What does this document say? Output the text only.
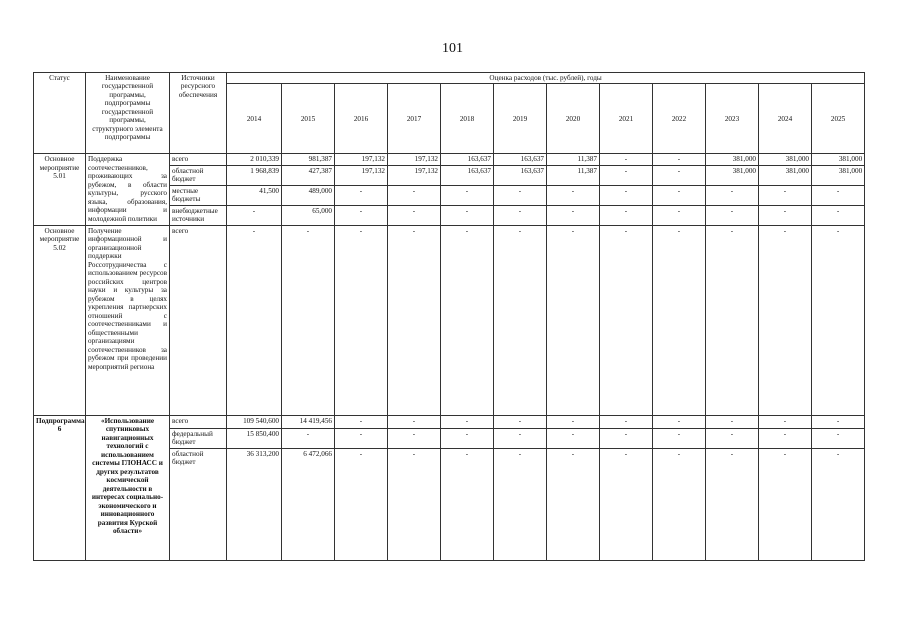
101
Статус	Наименование государственной программы, подпрограммы государственной программы, структурного элемента подпрограммы	Источники ресурсного обеспечения	Оценка расходов (тыс. рублей), годы											
			2014	2015	2016	2017	2018	2019	2020	2021	2022	2023	2024	2025
Основное мероприятие 5.01	Поддержка соотечественников, проживающих за рубежом, в области культуры, русского языка, образования, информации и молодежной политики	всего	2 010,339	981,387	197,132	197,132	163,637	163,637	11,387	-	-	381,000	381,000	381,000
		областной бюджет	1 968,839	427,387	197,132	197,132	163,637	163,637	11,387	-	-	381,000	381,000	381,000
		местные бюджеты	41,500	489,000	-	-	-	-	-	-	-	-	-	-
		внебюджетные источники	-	65,000	-	-	-	-	-	-	-	-	-	-
Основное мероприятие 5.02	Получение информационной и организационной поддержки Россотрудничества с использованием ресурсов российских центров науки и культуры за рубежом в целях укрепления партнерских отношений с соотечественниками и общественными организациями соотечественников за рубежом при проведении мероприятий региона	всего	-	-	-	-	-	-	-	-	-	-	-	-
Подпрограмма 6	«Использование спутниковых навигационных технологий с использованием системы ГЛОНАСС и других результатов космической деятельности в интересах социально-экономического и инновационного развития Курской области»	всего	109 540,600	14 419,456	-	-	-	-	-	-	-	-	-	-
		федеральный бюджет	15 850,400	-	-	-	-	-	-	-	-	-	-	-
		областной бюджет	36 313,200	6 472,066	-	-	-	-	-	-	-	-	-	-
